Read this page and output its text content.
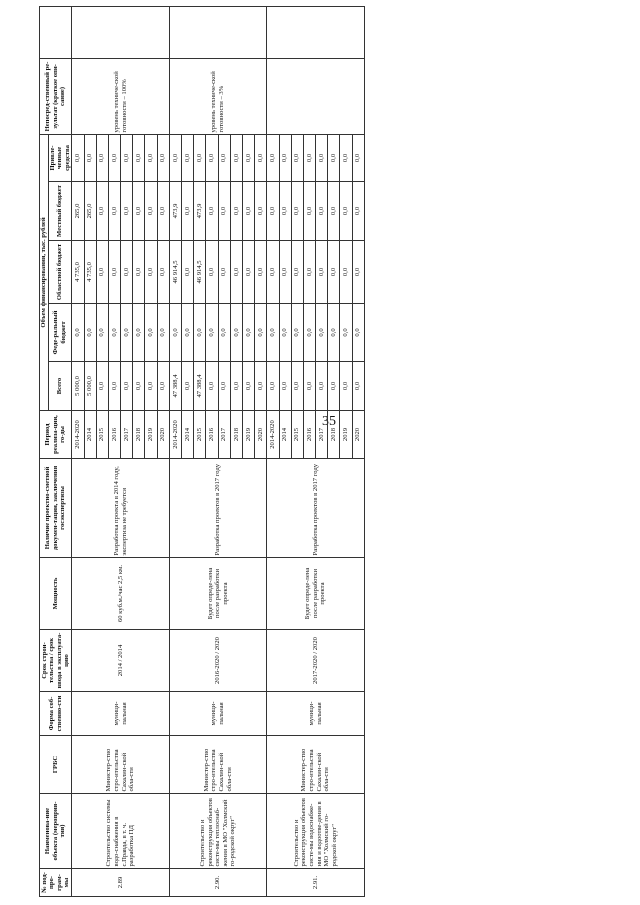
35
№ под-про-грам-мы	Наименова-ние объекта (мероприя-тия)	ГРБС	Форма соб-ственно-сти	Срок строи-тельства / срок ввода в эксплуата-цию	Мощность	Наличие проектно-сметной докумен-тации, заключения госэкспертизы	Период реализа-ции, го-ды	Объем финансирования, тыс. рублей					Непосред-ственный ре-зультат (краткое опи-сание)	
								Всего	Феде-ральный бюджет	Областной бюджет	Местный бюджет	Привле-ченные средства		
2.89	Строительство системы водо-снабжения в с.Правда, в т. ч. разработка ПД	Министер-ство стро-ительства Сахалин-ской обла-сти	муници-пальная	2014 / 2014	60 куб.м./час 2,5 км.	Разработка проекта в 2014 году, экспертиза не требуется	2014-2020	5 000,0	0,0	4 735,0	265,0	0,0	уровень техниче-ской готовности – 100%	
							2014	5 000,0	0,0	4 735,0	265,0	0,0		
							2015	0,0	0,0	0,0	0,0	0,0		
							2016	0,0	0,0	0,0	0,0	0,0		
							2017	0,0	0,0	0,0	0,0	0,0		
							2018	0,0	0,0	0,0	0,0	0,0		
							2019	0,0	0,0	0,0	0,0	0,0		
							2020	0,0	0,0	0,0	0,0	0,0		
2.90.	Строительство и реконструкция объектов систе-мы теплоснаб-жения в МО "Холмский го-родской округ"	Министер-ство стро-ительства Сахалин-ской обла-сти	муници-пальная	2016-2020 / 2020	Будет опреде-лена после разработки проекта	Разработка проектов в 2017 году	2014-2020	47 388,4	0,0	46 914,5	473,9	0,0	уровень техниче-ской готовности – 3%	
							2014	0,0	0,0	0,0	0,0	0,0		
							2015	47 388,4	0,0	46 914,5	473,9	0,0		
							2016	0,0	0,0	0,0	0,0	0,0		
							2017	0,0	0,0	0,0	0,0	0,0		
							2018	0,0	0,0	0,0	0,0	0,0		
							2019	0,0	0,0	0,0	0,0	0,0		
							2020	0,0	0,0	0,0	0,0	0,0		
2.91.	Строительство и реконструкция объектов систе-мы водоснабже-ния и водоотве-дения в МО "Холмский го-родской округ"	Министер-ство стро-ительства Сахалин-ской обла-сти	муници-пальная	2017-2020 / 2020	Будет опреде-лена после разработки проекта	Разработка проектов в 2017 году	2014-2020	0,0	0,0	0,0	0,0	0,0		
							2014	0,0	0,0	0,0	0,0	0,0		
							2015	0,0	0,0	0,0	0,0	0,0		
							2016	0,0	0,0	0,0	0,0	0,0		
							2017	0,0	0,0	0,0	0,0	0,0		
							2018	0,0	0,0	0,0	0,0	0,0		
							2019	0,0	0,0	0,0	0,0	0,0		
							2020	0,0	0,0	0,0	0,0	0,0		
